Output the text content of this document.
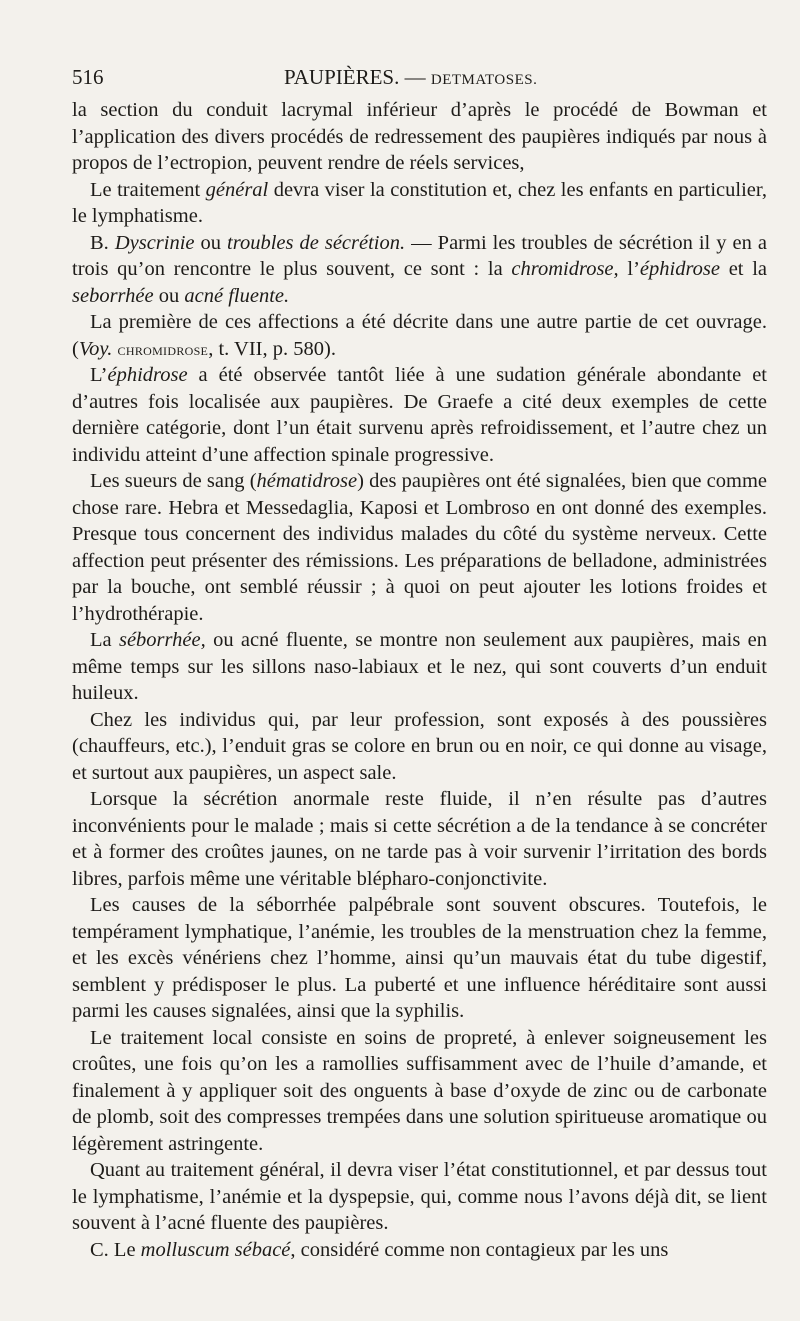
516	PAUPIÈRES. — DETMATOSES.

la section du conduit lacrymal inférieur d’après le procédé de Bowman et l’application des divers procédés de redressement des paupières indiqués par nous à propos de l’ectropion, peuvent rendre de réels services,

Le traitement général devra viser la constitution et, chez les enfants en particulier, le lymphatisme.

B. Dyscrinie ou troubles de sécrétion. — Parmi les troubles de sécrétion il y en a trois qu’on rencontre le plus souvent, ce sont : la chromidrose, l’éphidrose et la seborrhée ou acné fluente.

La première de ces affections a été décrite dans une autre partie de cet ouvrage. (Voy. chromidrose, t. VII, p. 580).

L’éphidrose a été observée tantôt liée à une sudation générale abondante et d’autres fois localisée aux paupières. De Graefe a cité deux exemples de cette dernière catégorie, dont l’un était survenu après refroidissement, et l’autre chez un individu atteint d’une affection spinale progressive.

Les sueurs de sang (hématidrose) des paupières ont été signalées, bien que comme chose rare. Hebra et Messedaglia, Kaposi et Lombroso en ont donné des exemples. Presque tous concernent des individus malades du côté du système nerveux. Cette affection peut présenter des rémissions. Les préparations de belladone, administrées par la bouche, ont semblé réussir ; à quoi on peut ajouter les lotions froides et l’hydrothérapie.

La séborrhée, ou acné fluente, se montre non seulement aux paupières, mais en même temps sur les sillons naso-labiaux et le nez, qui sont couverts d’un enduit huileux.

Chez les individus qui, par leur profession, sont exposés à des poussières (chauffeurs, etc.), l’enduit gras se colore en brun ou en noir, ce qui donne au visage, et surtout aux paupières, un aspect sale.

Lorsque la sécrétion anormale reste fluide, il n’en résulte pas d’autres inconvénients pour le malade ; mais si cette sécrétion a de la tendance à se concréter et à former des croûtes jaunes, on ne tarde pas à voir survenir l’irritation des bords libres, parfois même une véritable blépharo-conjonctivite.

Les causes de la séborrhée palpébrale sont souvent obscures. Toutefois, le tempérament lymphatique, l’anémie, les troubles de la menstruation chez la femme, et les excès vénériens chez l’homme, ainsi qu’un mauvais état du tube digestif, semblent y prédisposer le plus. La puberté et une influence héréditaire sont aussi parmi les causes signalées, ainsi que la syphilis.

Le traitement local consiste en soins de propreté, à enlever soigneusement les croûtes, une fois qu’on les a ramollies suffisamment avec de l’huile d’amande, et finalement à y appliquer soit des onguents à base d’oxyde de zinc ou de carbonate de plomb, soit des compresses trempées dans une solution spiritueuse aromatique ou légèrement astringente.

Quant au traitement général, il devra viser l’état constitutionnel, et par dessus tout le lymphatisme, l’anémie et la dyspepsie, qui, comme nous l’avons déjà dit, se lient souvent à l’acné fluente des paupières.

C. Le molluscum sébacé, considéré comme non contagieux par les uns
